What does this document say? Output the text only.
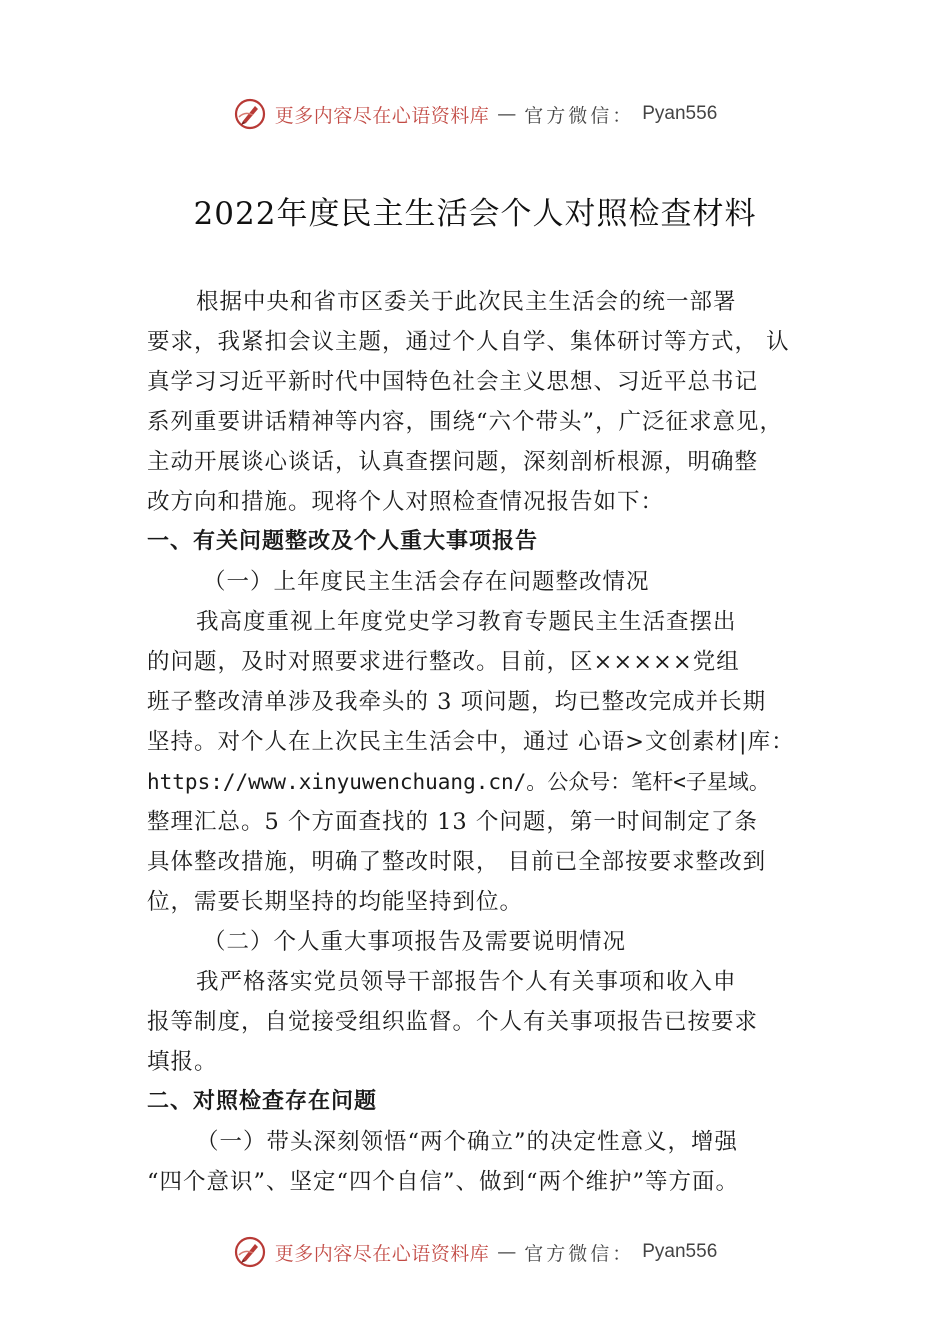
更多内容尽在心语资料库 — 官方微信： Pyan556
2022年度民主生活会个人对照检查材料
根据中央和省市区委关于此次民主生活会的统一部署
要求，我紧扣会议主题，通过个人自学、集体研讨等方式， 认
真学习习近平新时代中国特色社会主义思想、习近平总书记
系列重要讲话精神等内容，围绕“六个带头”，广泛征求意见，
主动开展谈心谈话，认真查摆问题，深刻剖析根源，明确整
改方向和措施。现将个人对照检查情况报告如下：
一、有关问题整改及个人重大事项报告
（一）上年度民主生活会存在问题整改情况
我高度重视上年度党史学习教育专题民主生活查摆出
的问题，及时对照要求进行整改。目前，区×××××党组
班子整改清单涉及我牵头的 3 项问题，均已整改完成并长期
坚持。对个人在上次民主生活会中，通过 心语>文创素材|库：
https://www.xinyuwenchuang.cn/。公众号：笔杆<子星域。
整理汇总。5 个方面查找的 13 个问题，第一时间制定了条
具体整改措施，明确了整改时限， 目前已全部按要求整改到
位，需要长期坚持的均能坚持到位。
（二）个人重大事项报告及需要说明情况
我严格落实党员领导干部报告个人有关事项和收入申
报等制度，自觉接受组织监督。个人有关事项报告已按要求
填报。
二、对照检查存在问题
（一）带头深刻领悟“两个确立”的决定性意义，增强
“四个意识”、坚定“四个自信”、做到“两个维护”等方面。
更多内容尽在心语资料库 — 官方微信： Pyan556
